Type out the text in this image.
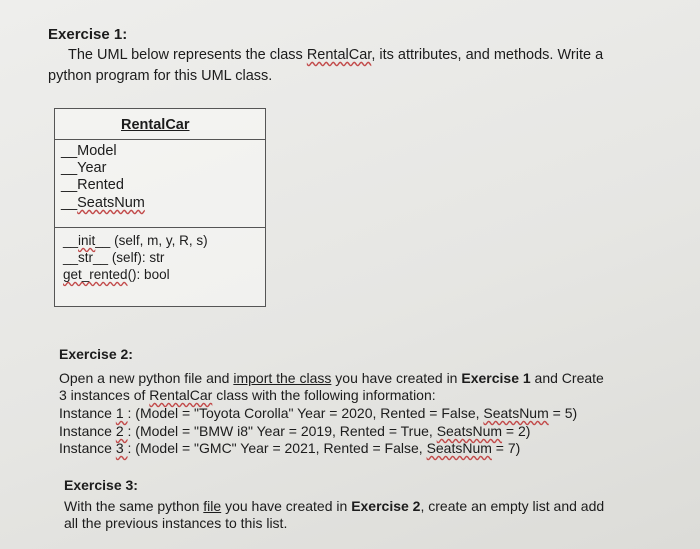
Exercise 1:
The UML below represents the class RentalCar, its attributes, and methods. Write a
python program for this UML class.
RentalCar
__Model
__Year
__Rented
__SeatsNum
__init__ (self, m, y, R, s)
__str__ (self): str
get_rented(): bool
Exercise 2:
Open a new python file and import the class you have created in Exercise 1 and Create
3 instances of RentalCar class with the following information:
Instance 1 : (Model = "Toyota Corolla" Year = 2020, Rented = False, SeatsNum = 5)
Instance 2 : (Model = "BMW i8" Year = 2019, Rented = True, SeatsNum = 2)
Instance 3 : (Model = "GMC" Year = 2021, Rented = False, SeatsNum = 7)
Exercise 3:
With the same python file you have created in Exercise 2, create an empty list and add
all the previous instances to this list.
